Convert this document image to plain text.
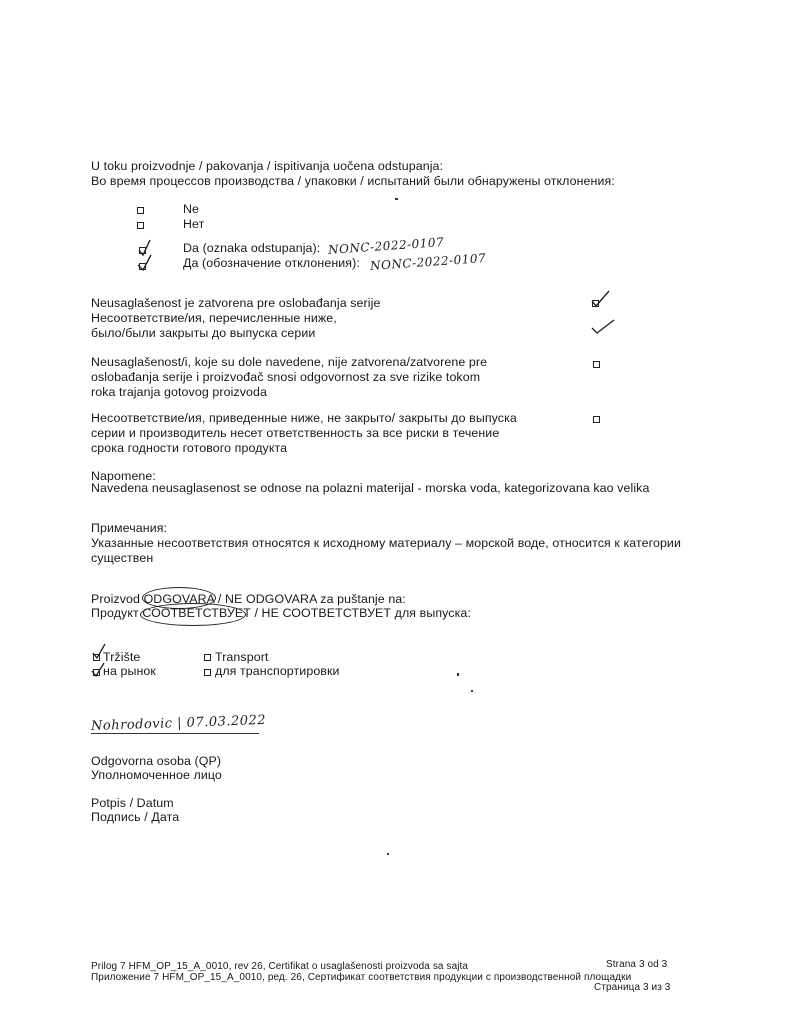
U toku proizvodnje / pakovanja / ispitivanja uočena odstupanja:
Во время процессов производства / упаковки / испытаний были обнаружены отклонения:
Ne
Нет
Da (oznaka odstupanja): NONC-2022-0107
Да (обозначение отклонения): NONC-2022-0107
Neusaglašenost je zatvorena pre oslobađanja serije
Несоответствие/ия, перечисленные ниже,
было/были закрыты до выпуска серии
Neusaglašenost/i, koje su dole navedene, nije zatvorena/zatvorene pre
oslobađanja serije i proizvođač snosi odgovornost za sve rizike tokom
roka trajanja gotovog proizvoda
Несоответствие/ия, приведенные ниже, не закрыто/ закрыты до выпуска
серии и производитель несет ответственность за все риски в течение
срока годности готового продукта
Napomene:
Navedena neusaglasenost se odnose na polazni materijal - morska voda, kategorizovana kao velika
Примечания:
Указанные несоответствия относятся к исходному материалу – морской воде, относится к категории
существен
Proizvod ODGOVARA / NE ODGOVARA za puštanje na:
Продукт СООТВЕТСТВУЕТ / НЕ СООТВЕТСТВУЕТ для выпуска:
Tržište
на рынок
Transport
для транспортировки
Nohrodovic | 07.03.2022
Odgovorna osoba (QP)
Уполномоченное лицо
Potpis / Datum
Подпись / Дата
Prilog 7 HFM_OP_15_A_0010, rev 26, Certifikat o usaglašenosti proizvoda sa sajta	Strana 3 od 3
Приложение 7 HFM_OP_15_A_0010, ред. 26, Сертификат соответствия продукции с производственной площадки
Страница 3 из 3
